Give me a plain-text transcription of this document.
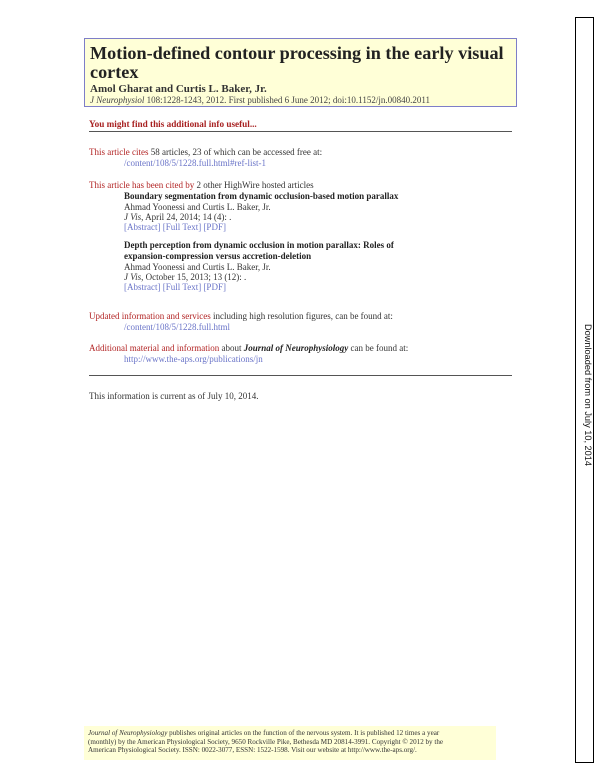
Downloaded from on July 10, 2014
Motion-defined contour processing in the early visual cortex
Amol Gharat and Curtis L. Baker, Jr.
J Neurophysiol 108:1228-1243, 2012. First published 6 June 2012; doi:10.1152/jn.00840.2011
You might find this additional info useful...
This article cites 58 articles, 23 of which can be accessed free at:
/content/108/5/1228.full.html#ref-list-1
This article has been cited by 2 other HighWire hosted articles
Boundary segmentation from dynamic occlusion-based motion parallax
Ahmad Yoonessi and Curtis L. Baker, Jr.
J Vis, April 24, 2014; 14 (4): .
[Abstract] [Full Text] [PDF]
Depth perception from dynamic occlusion in motion parallax: Roles of
expansion-compression versus accretion-deletion
Ahmad Yoonessi and Curtis L. Baker, Jr.
J Vis, October 15, 2013; 13 (12): .
[Abstract] [Full Text] [PDF]
Updated information and services including high resolution figures, can be found at:
/content/108/5/1228.full.html
Additional material and information about Journal of Neurophysiology can be found at:
http://www.the-aps.org/publications/jn
This information is current as of July 10, 2014.
Journal of Neurophysiology publishes original articles on the function of the nervous system. It is published 12 times a year
(monthly) by the American Physiological Society, 9650 Rockville Pike, Bethesda MD 20814-3991. Copyright © 2012 by the
American Physiological Society. ISSN: 0022-3077, ESSN: 1522-1598. Visit our website at http://www.the-aps.org/.
